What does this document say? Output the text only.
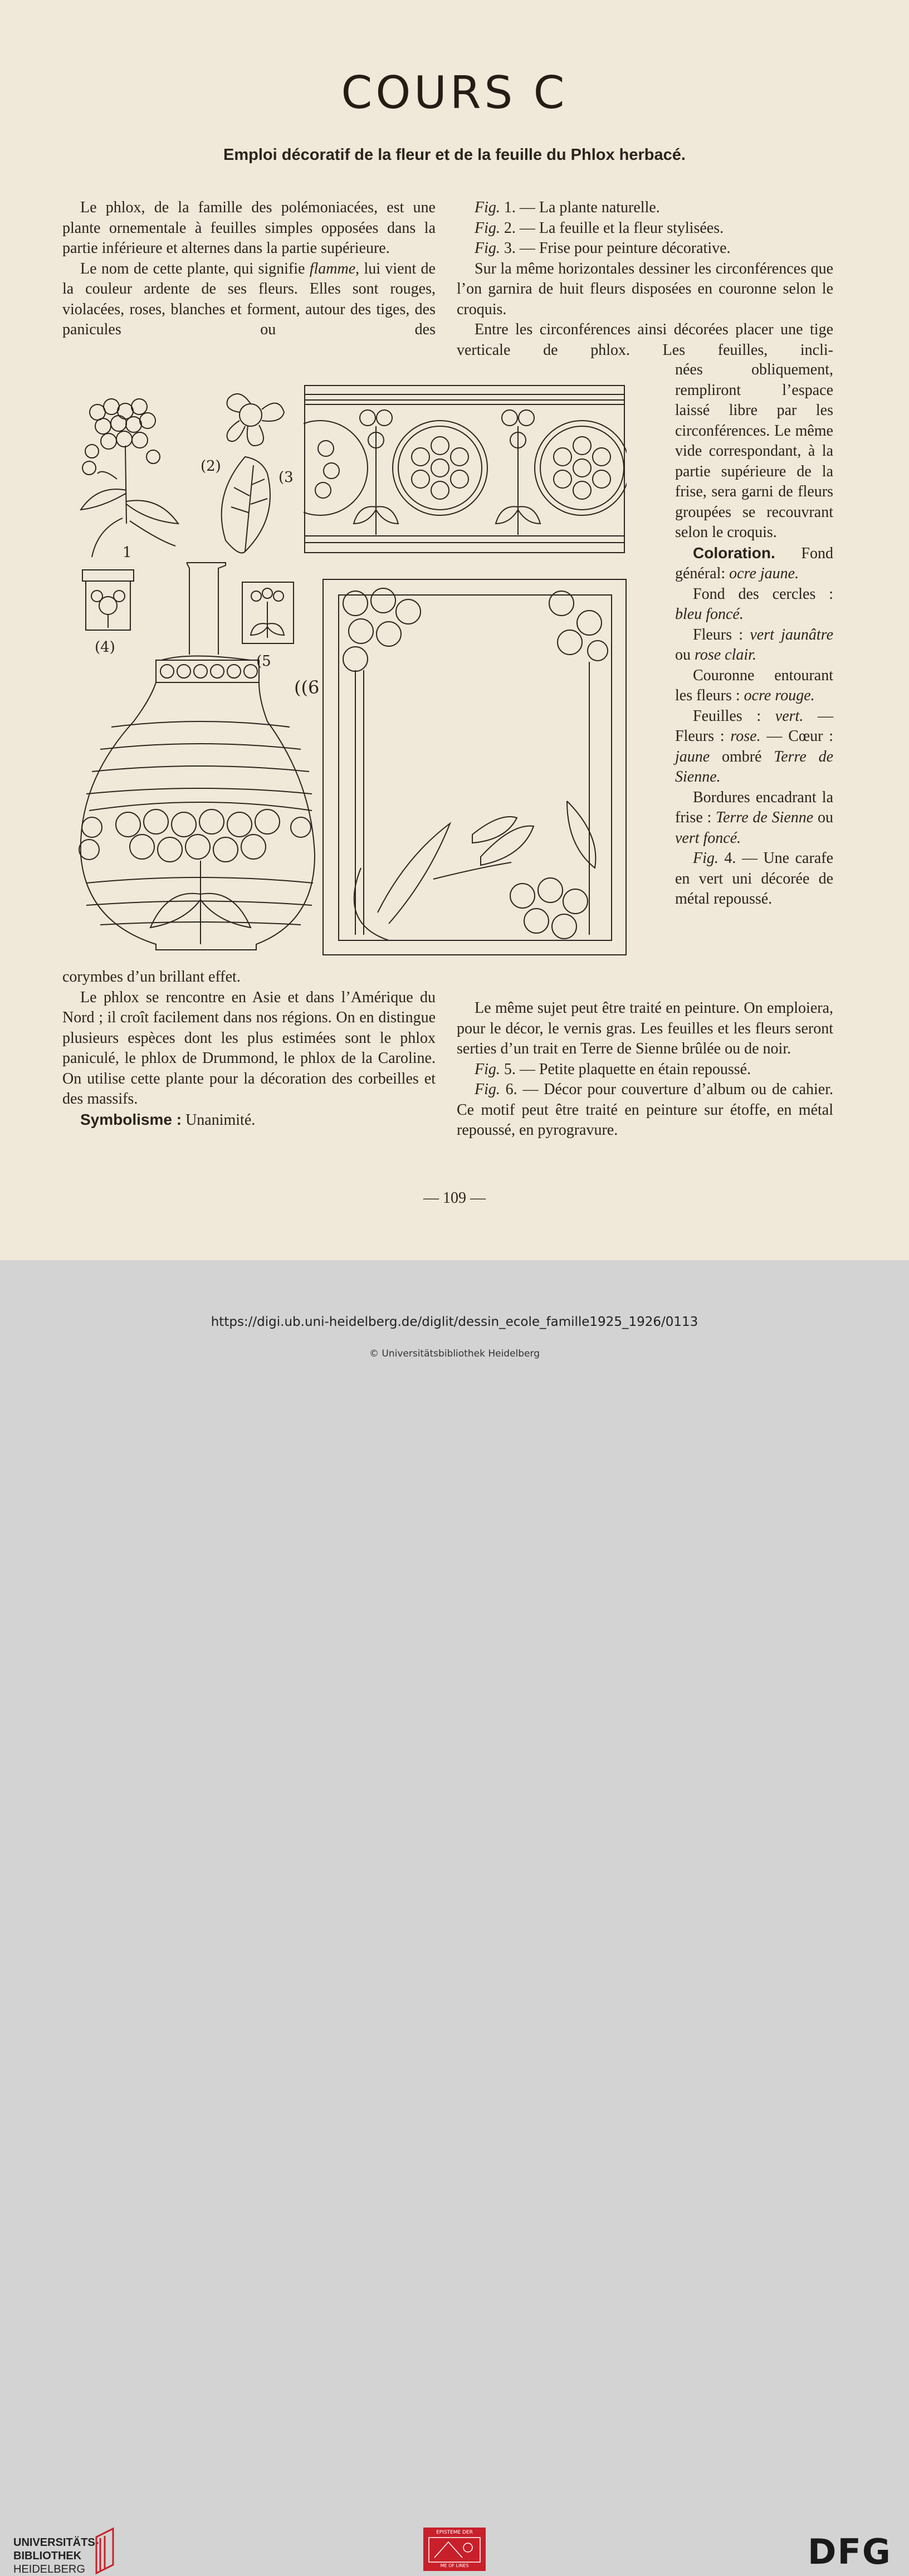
COURS C
Emploi décoratif de la fleur et de la feuille du Phlox herbacé.

Le phlox, de la famille des polémoniacées, est une plante ornementale à feuilles simples opposées dans la partie inférieure et alternes dans la partie supérieure.

Le nom de cette plante, qui signifie flamme, lui vient de la couleur ardente de ses fleurs. Elles sont rouges, violacées, roses, blanches et forment, autour des tiges, des panicules ou des

corymbes d’un brillant effet.

Le phlox se rencontre en Asie et dans l’Amérique du Nord ; il croît facilement dans nos régions. On en distingue plusieurs espèces dont les plus estimées sont le phlox paniculé, le phlox de Drummond, le phlox de la Caroline. On utilise cette plante pour la décoration des corbeilles et des massifs.

Symbolisme : Unanimité.

Fig. 1. — La plante naturelle.

Fig. 2. — La feuille et la fleur stylisées.

Fig. 3. — Frise pour peinture décorative.

Sur la même horizontales dessiner les circonférences que l’on garnira de huit fleurs disposées en couronne selon le croquis.

Entre les circonférences ainsi décorées placer une tige verticale de phlox. Les feuilles, incli-

nées obliquement, rempliront l’espace laissé libre par les circonférences. Le même vide correspondant, à la partie supérieure de la frise, sera garni de fleurs groupées se recouvrant selon le croquis.

Coloration. Fond général: ocre jaune.

Fond des cercles : bleu foncé.

Fleurs : vert jaunâtre ou rose clair.

Couronne entourant les fleurs : ocre rouge.

Feuilles : vert. — Fleurs : rose. — Cœur : jaune ombré Terre de Sienne.

Bordures encadrant la frise : Terre de Sienne ou vert foncé.

Fig. 4. — Une carafe en vert uni décorée de métal repoussé.

Le même sujet peut être traité en peinture. On emploiera, pour le décor, le vernis gras. Les feuilles et les fleurs seront serties d’un trait en Terre de Sienne brûlée ou de noir.

Fig. 5. — Petite plaquette en étain repoussé.

Fig. 6. — Décor pour couverture d’album ou de cahier. Ce motif peut être traité en peinture sur étoffe, en métal repoussé, en pyrogravure.

1
(2)
(3
(4)
(5
((6
— 109 —
UNIVERSITÄTS-
BIBLIOTHEK
HEIDELBERG
EPISTEME DER
ME OF LINES	DFG
https://digi.ub.uni-heidelberg.de/diglit/dessin_ecole_famille1925_1926/0113
© Universitätsbibliothek Heidelberg
